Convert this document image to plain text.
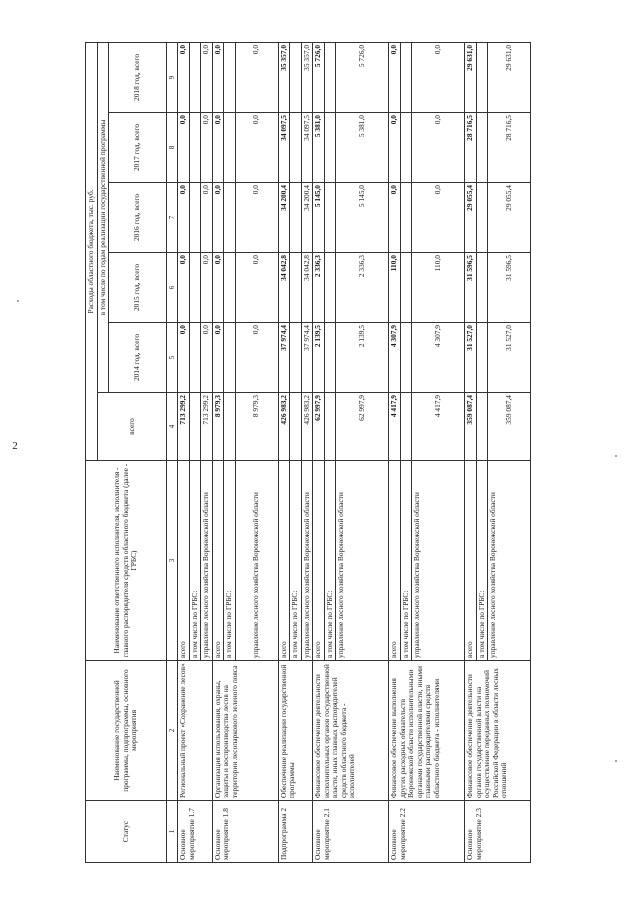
2
Статус	Наименование государственной программы, подпрограммы, основного мероприятия	Наименование ответственного исполнителя, исполнителя - главного распорядителя средств областного бюджета (далее - ГРБС)	Расходы областного бюджета, тыс. руб.					
			всего	в том числе по годам реализации государственной программы				
				2014 год, всего	2015 год, всего	2016 год, всего	2017 год, всего	2018 год, всего
1	2	3	4	5	6	7	8	9
Основное мероприятие 1.7	Региональный проект «Сохранение лесов»	всего	713 299,2	0,0	0,0	0,0	0,0	0,0
		в том числе по ГРБС:						
		управление лесного хозяйства Воронежской области	713 299,2	0,0	0,0	0,0	0,0	0,0
Основное мероприятие 1.8	Организация использования, охраны, защиты и воспроизводства лесов на территории лесопаркового зеленого пояса	всего	8 979,3	0,0	0,0	0,0	0,0	0,0
		в том числе по ГРБС:						
		управление лесного хозяйства Воронежской области	8 979,3	0,0	0,0	0,0	0,0	0,0
Подпрограмма 2	Обеспечение реализации государственной программы	всего	426 983,2	37 974,4	34 042,8	34 200,4	34 097,5	35 357,0
		в том числе по ГРБС:						
		управление лесного хозяйства Воронежской области	426 983,2	37 974,4	34 042,8	34 200,4	34 097,5	35 357,0
Основное мероприятие 2.1	Финансовое обеспечение деятельности исполнительных органов государственной власти, иных главных распорядителей средств областного бюджета - исполнителей	всего	62 997,9	2 139,5	2 336,3	5 145,0	5 381,0	5 726,0
		в том числе по ГРБС:						
		управление лесного хозяйства Воронежской области	62 997,9	2 139,5	2 336,3	5 145,0	5 381,0	5 726,0
Основное мероприятие 2.2	Финансовое обеспечение выполнения других расходных обязательств Воронежской области исполнительными органами государственной власти, иными главными распорядителями средств областного бюджета - исполнителями	всего	4 417,9	4 307,9	110,0	0,0	0,0	0,0
		в том числе по ГРБС:						
		управление лесного хозяйства Воронежской области	4 417,9	4 307,9	110,0	0,0	0,0	0,0
Основное мероприятие 2.3	Финансовое обеспечение деятельности органов государственной власти на осуществление переданных полномочий Российской Федерации в области лесных отношений	всего	359 087,4	31 527,0	31 596,5	29 055,4	28 716,5	29 631,0
		в том числе по ГРБС:						
		управление лесного хозяйства Воронежской области	359 087,4	31 527,0	31 596,5	29 055,4	28 716,5	29 631,0
